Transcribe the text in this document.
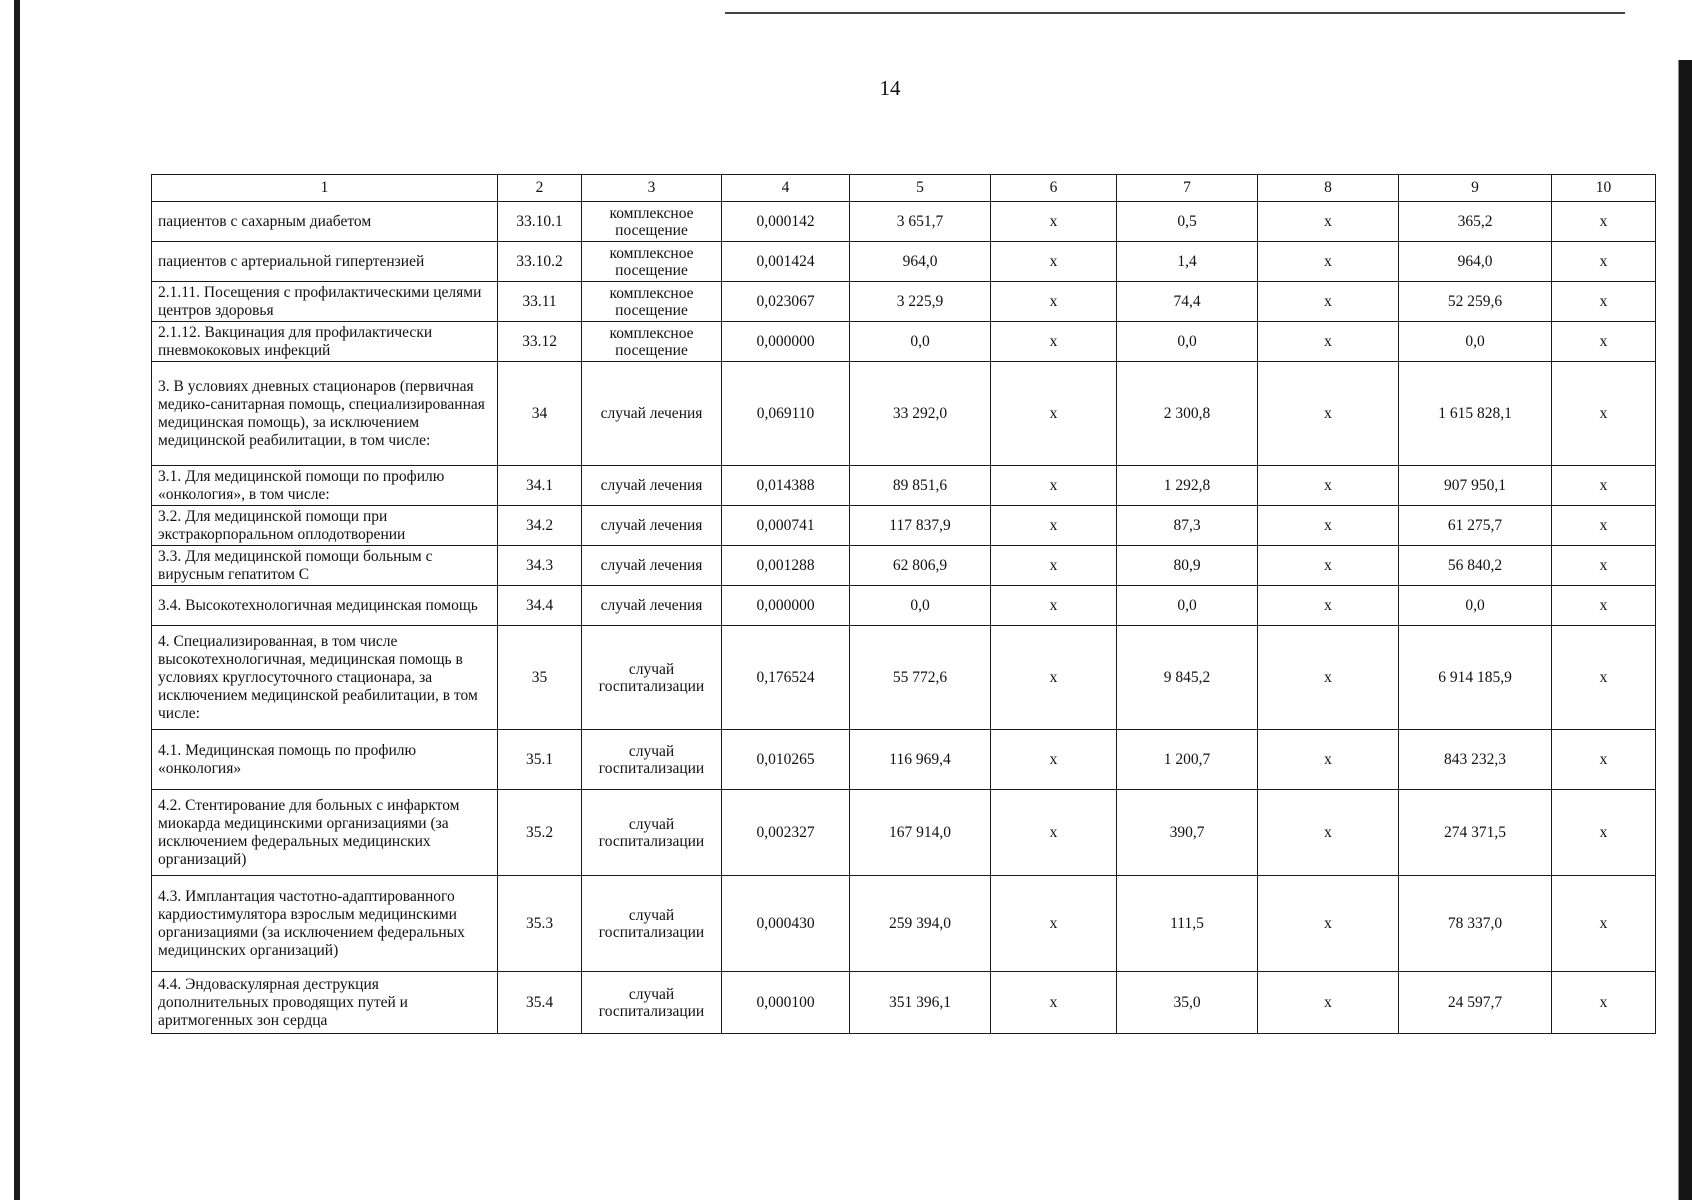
14
1	2	3	4	5	6	7	8	9	10
пациентов с сахарным диабетом	33.10.1	комплексное посещение	0,000142	3 651,7	х	0,5	х	365,2	х
пациентов с артериальной гипертензией	33.10.2	комплексное посещение	0,001424	964,0	х	1,4	х	964,0	х
2.1.11. Посещения с профилактическими целями центров здоровья	33.11	комплексное посещение	0,023067	3 225,9	х	74,4	х	52 259,6	х
2.1.12. Вакцинация для профилактически пневмококовых инфекций	33.12	комплексное посещение	0,000000	0,0	х	0,0	х	0,0	х
3. В условиях дневных стационаров (первичная медико-санитарная помощь, специализированная медицинская помощь), за исключением медицинской реабилитации, в том числе:	34	случай лечения	0,069110	33 292,0	х	2 300,8	х	1 615 828,1	х
3.1. Для медицинской помощи по профилю «онкология», в том числе:	34.1	случай лечения	0,014388	89 851,6	х	1 292,8	х	907 950,1	х
3.2. Для медицинской помощи при экстракорпоральном оплодотворении	34.2	случай лечения	0,000741	117 837,9	х	87,3	х	61 275,7	х
3.3. Для медицинской помощи больным с вирусным гепатитом С	34.3	случай лечения	0,001288	62 806,9	х	80,9	х	56 840,2	х
3.4. Высокотехнологичная медицинская помощь	34.4	случай лечения	0,000000	0,0	х	0,0	х	0,0	х
4. Специализированная, в том числе высокотехнологичная, медицинская помощь в условиях круглосуточного стационара, за исключением медицинской реабилитации, в том числе:	35	случай госпитализации	0,176524	55 772,6	х	9 845,2	х	6 914 185,9	х
4.1. Медицинская помощь по профилю «онкология»	35.1	случай госпитализации	0,010265	116 969,4	х	1 200,7	х	843 232,3	х
4.2. Стентирование для больных с инфарктом миокарда медицинскими организациями (за исключением федеральных медицинских организаций)	35.2	случай госпитализации	0,002327	167 914,0	х	390,7	х	274 371,5	х
4.3. Имплантация частотно-адаптированного кардиостимулятора взрослым медицинскими организациями (за исключением федеральных медицинских организаций)	35.3	случай госпитализации	0,000430	259 394,0	х	111,5	х	78 337,0	х
4.4. Эндоваскулярная деструкция дополнительных проводящих путей и аритмогенных зон сердца	35.4	случай госпитализации	0,000100	351 396,1	х	35,0	х	24 597,7	х
